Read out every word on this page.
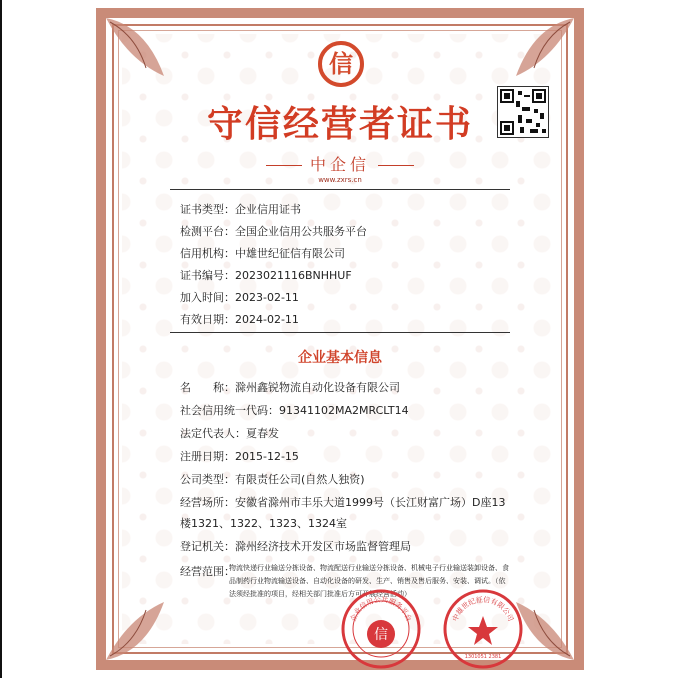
信
守信经营者证书
中企信
www.zxrs.cn
证书类型：企业信用证书
检测平台：全国企业信用公共服务平台
信用机构：中雄世纪征信有限公司
证书编号：2023021116BNHHUF
加入时间：2023-02-11
有效日期：2024-02-11
企业基本信息
名　　称：滁州鑫锐物流自动化设备有限公司
社会信用统一代码：91341102MA2MRCLT14
法定代表人：夏春发
注册日期：2015-12-15
公司类型：有限责任公司(自然人独资)
经营场所：安徽省滁州市丰乐大道1999号（长江财富广场）D座13
楼1321、1322、1323、1324室
登记机关：滁州经济技术开发区市场监督管理局
经营范围：
物流快递行业输送分拣设备、物流配送行业输送分拣设备、机械电子行业输送装卸设备、食品制药行业物流输送设备、自动化设备的研发、生产、销售及售后服务、安装、调试。（依法须经批准的项目，经相关部门批准后方可开展经营活动）
企业信用公共服务平台
信
中雄世纪征信有限公司
1301051 2381
